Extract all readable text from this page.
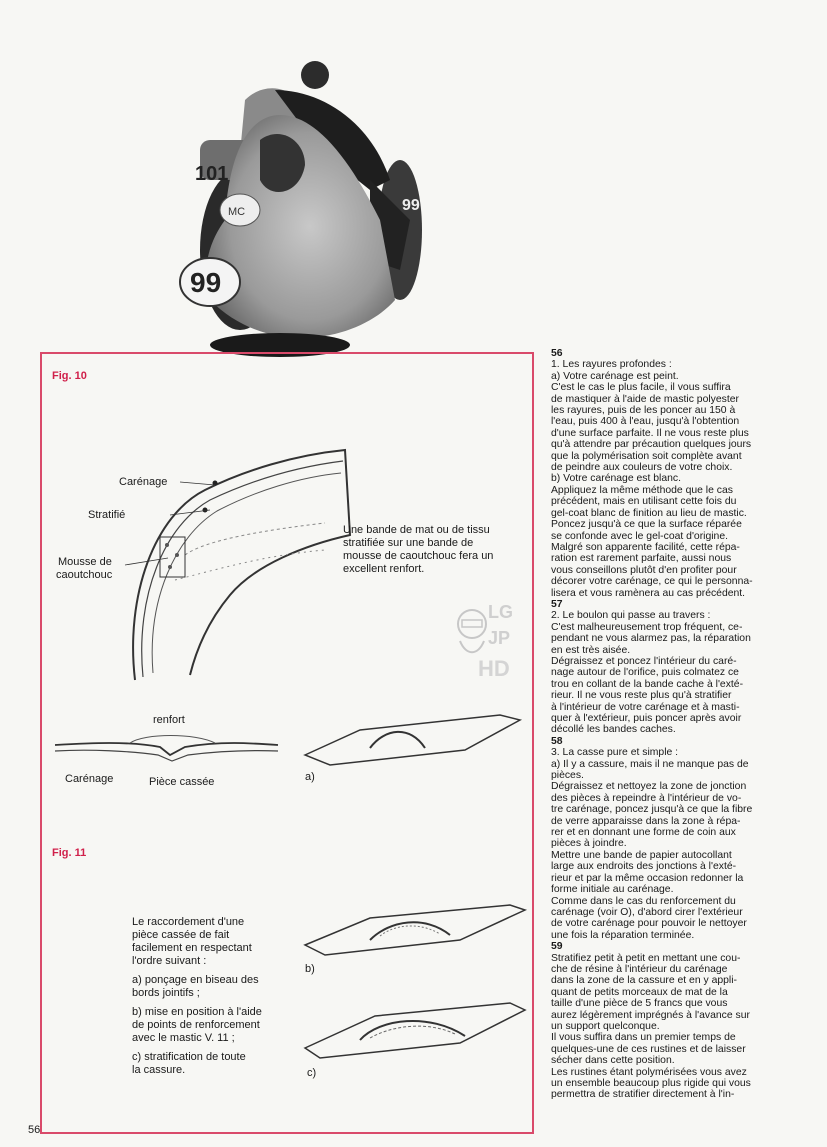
MC
99
101
99
Fig. 10
Carénage
Stratifié
Mousse de
caoutchouc
Une bande de mat ou de tissu
stratifiée sur une bande de
mousse de caoutchouc fera un
excellent renfort.
renfort
Carénage	Pièce cassée	a)
Fig. 11

Le raccordement d'une
pièce cassée de fait
facilement en respectant
l'ordre suivant :

a) ponçage en biseau des
bords jointifs ;

b) mise en position à l'aide
de points de renforcement
avec le mastic V. 11 ;

c) stratification de toute
la cassure.

b)
c)
LG
JP
HD
56
1. Les rayures profondes :
a) Votre carénage est peint.
C'est le cas le plus facile, il vous suffira
de mastiquer à l'aide de mastic polyester
les rayures, puis de les poncer au 150 à
l'eau, puis 400 à l'eau, jusqu'à l'obtention
d'une surface parfaite. Il ne vous reste plus
qu'à attendre par précaution quelques jours
que la polymérisation soit complète avant
de peindre aux couleurs de votre choix.
b) Votre carénage est blanc.
Appliquez la même méthode que le cas
précédent, mais en utilisant cette fois du
gel-coat blanc de finition au lieu de mastic.
Poncez jusqu'à ce que la surface réparée
se confonde avec le gel-coat d'origine.
Malgré son apparente facilité, cette répa-
ration est rarement parfaite, aussi nous
vous conseillons plutôt d'en profiter pour
décorer votre carénage, ce qui le personna-
lisera et vous ramènera au cas précédent.
57
2. Le boulon qui passe au travers :
C'est malheureusement trop fréquent, ce-
pendant ne vous alarmez pas, la réparation
en est très aisée.
Dégraissez et poncez l'intérieur du caré-
nage autour de l'orifice, puis colmatez ce
trou en collant de la bande cache à l'exté-
rieur. Il ne vous reste plus qu'à stratifier
à l'intérieur de votre carénage et à masti-
quer à l'extérieur, puis poncer après avoir
décollé les bandes caches.
58
3. La casse pure et simple :
a) Il y a cassure, mais il ne manque pas de
pièces.
Dégraissez et nettoyez la zone de jonction
des pièces à repeindre à l'intérieur de vo-
tre carénage, poncez jusqu'à ce que la fibre
de verre apparaisse dans la zone à répa-
rer et en donnant une forme de coin aux
pièces à joindre.
Mettre une bande de papier autocollant
large aux endroits des jonctions à l'exté-
rieur et par la même occasion redonner la
forme initiale au carénage.
Comme dans le cas du renforcement du
carénage (voir O), d'abord cirer l'extérieur
de votre carénage pour pouvoir le nettoyer
une fois la réparation terminée.
59
Stratifiez petit à petit en mettant une cou-
che de résine à l'intérieur du carénage
dans la zone de la cassure et en y appli-
quant de petits morceaux de mat de la
taille d'une pièce de 5 francs que vous
aurez légèrement imprégnés à l'avance sur
un support quelconque.
Il vous suffira dans un premier temps de
quelques-une de ces rustines et de laisser
sécher dans cette position.
Les rustines étant polymérisées vous avez
un ensemble beaucoup plus rigide qui vous
permettra de stratifier directement à l'in-
56
